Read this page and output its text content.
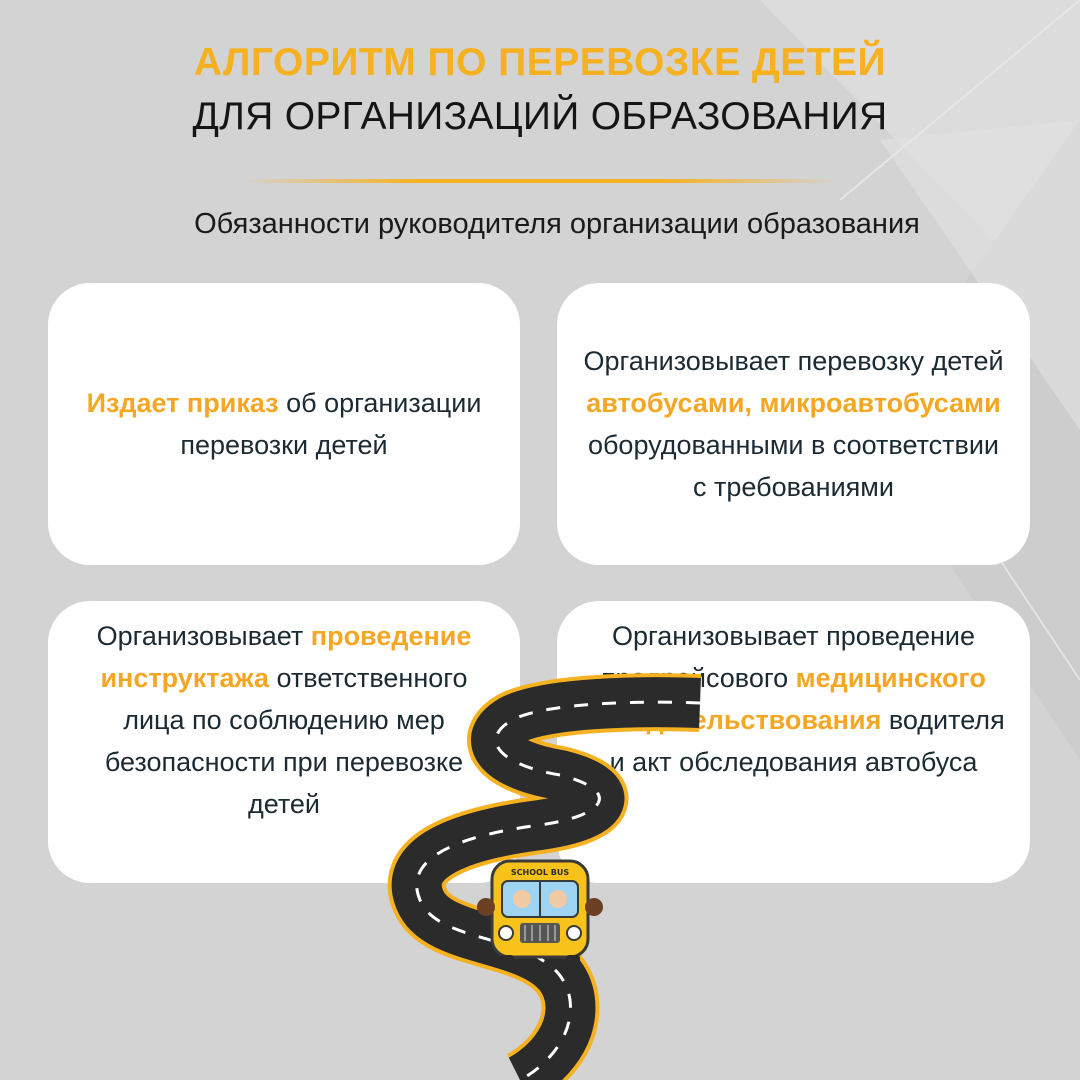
АЛГОРИТМ ПО ПЕРЕВОЗКЕ ДЕТЕЙ
ДЛЯ ОРГАНИЗАЦИЙ ОБРАЗОВАНИЯ
Обязанности руководителя организации образования

Издает приказ об организации перевозки детей

Организовывает перевозку детей автобусами, микроавтобусами оборудованными в соответствии с требованиями

Организовывает проведение инструктажа ответственного лица по соблюдению мер безопасности при перевозке детей

Организовывает проведение предрейсового медицинского освидетельствования водителя и акт обследования автобуса

SCHOOL BUS
